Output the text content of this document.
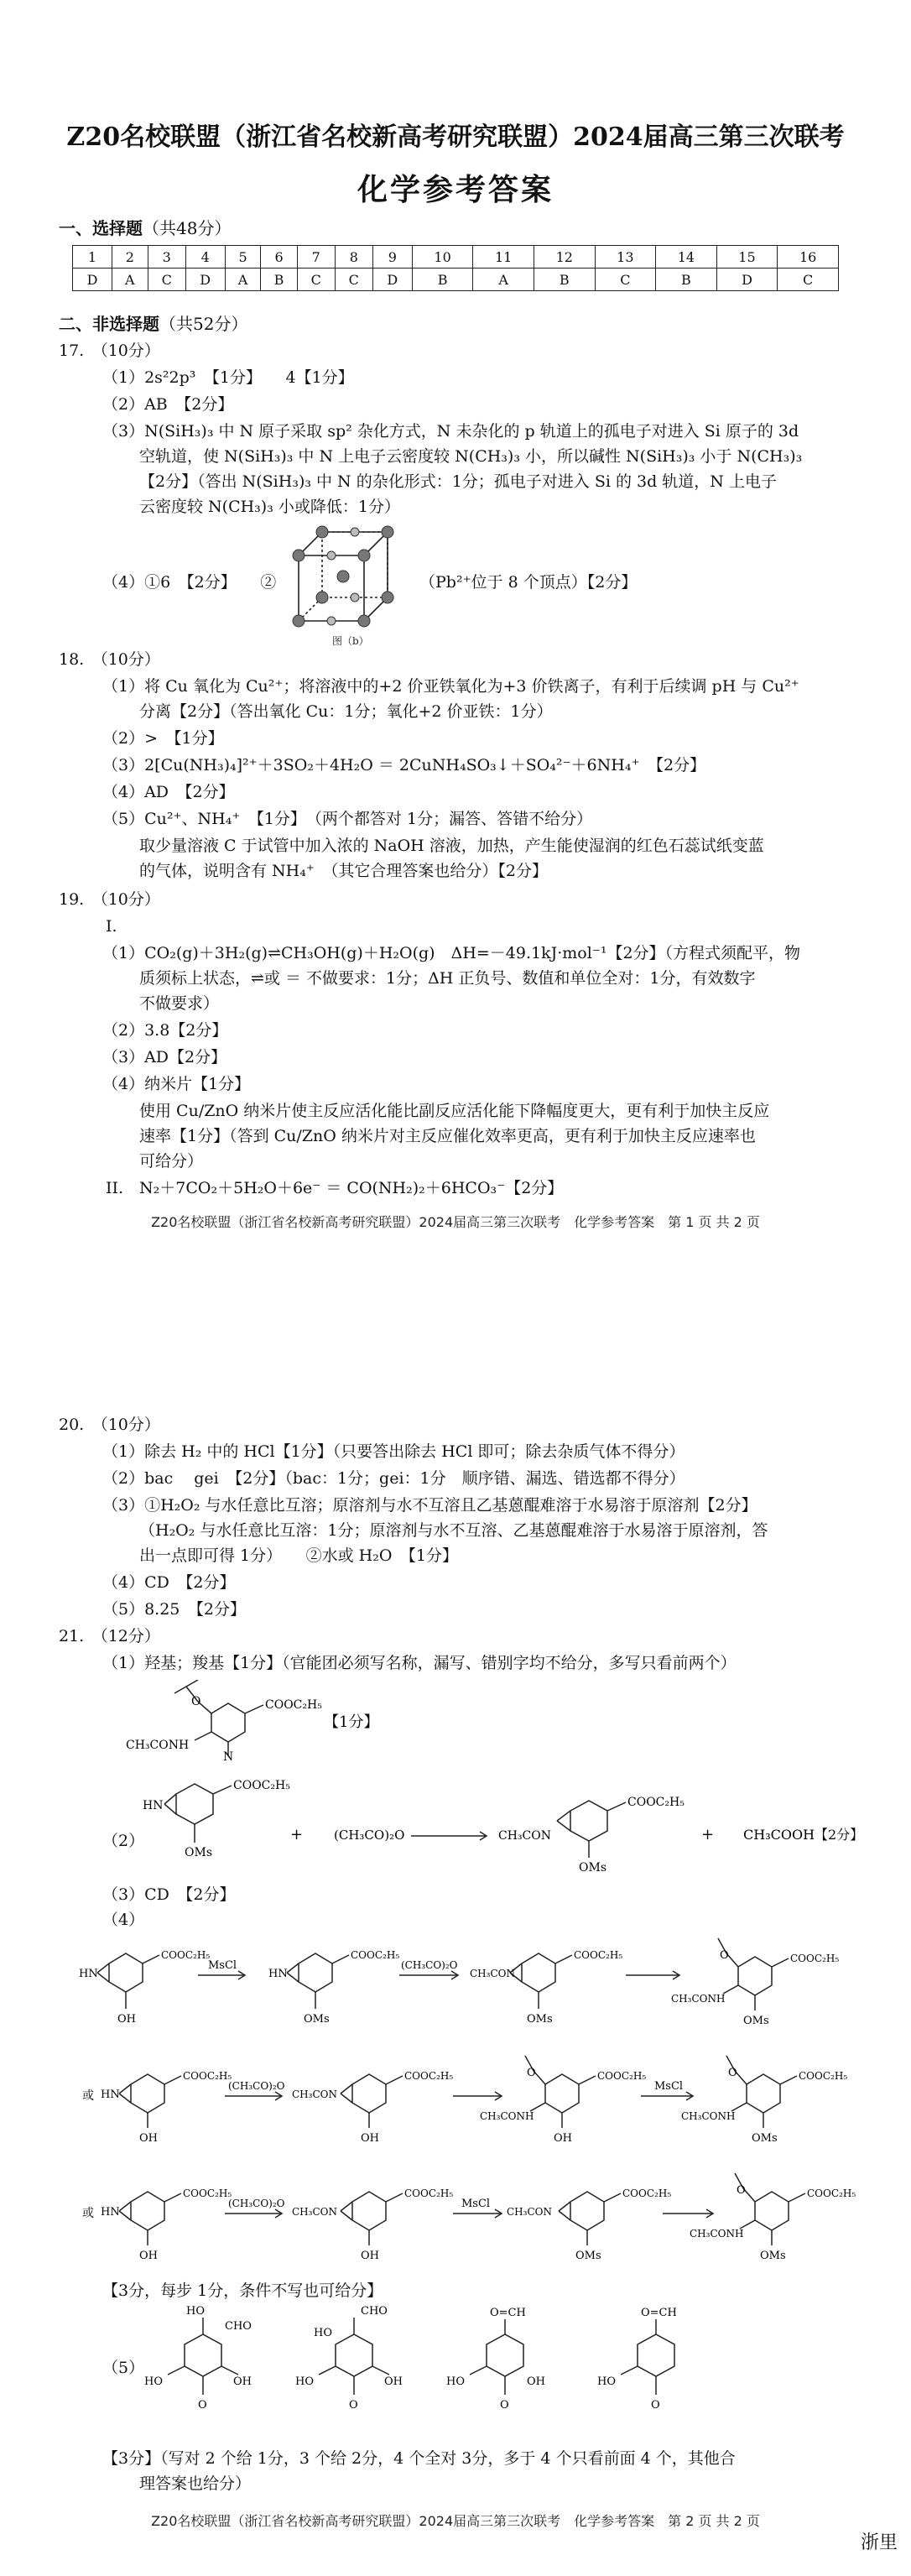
Z20名校联盟（浙江省名校新高考研究联盟）2024届高三第三次联考
化学参考答案
一、选择题（共48分）
1	2	3	4	5	6	7	8	9	10	11	12	13	14	15	16
D	A	C	D	A	B	C	C	D	B	A	B	C	B	D	C
二、非选择题（共52分）
17.　（10分）
（1）2s²2p³　【1分】　　4【1分】
（2）AB　【2分】
（3）N(SiH₃)₃ 中 N 原子采取 sp² 杂化方式，N 未杂化的 p 轨道上的孤电子对进入 Si 原子的 3d
空轨道，使 N(SiH₃)₃ 中 N 上电子云密度较 N(CH₃)₃ 小，所以碱性 N(SiH₃)₃ 小于 N(CH₃)₃
【2分】（答出 N(SiH₃)₃ 中 N 的杂化形式：1分；孤电子对进入 Si 的 3d 轨道，N 上电子
云密度较 N(CH₃)₃ 小或降低：1分）
（4）①6　【2分】　　②
图（b）
（Pb²⁺位于 8 个顶点）【2分】
18.　（10分）
（1）将 Cu 氧化为 Cu²⁺；将溶液中的+2 价亚铁氧化为+3 价铁离子，有利于后续调 pH 与 Cu²⁺
分离【2分】（答出氧化 Cu：1分；氧化+2 价亚铁：1分）
（2）>　【1分】
（3）2[Cu(NH₃)₄]²⁺＋3SO₂＋4H₂O ＝ 2CuNH₄SO₃↓＋SO₄²⁻＋6NH₄⁺　【2分】
（4）AD　【2分】
（5）Cu²⁺、NH₄⁺　【1分】　（两个都答对 1分；漏答、答错不给分）
取少量溶液 C 于试管中加入浓的 NaOH 溶液，加热，产生能使湿润的红色石蕊试纸变蓝
的气体，说明含有 NH₄⁺　（其它合理答案也给分）【2分】
19.　（10分）
I.
（1）CO₂(g)＋3H₂(g)⇌CH₃OH(g)＋H₂O(g)　ΔH=－49.1kJ·mol⁻¹【2分】（方程式须配平，物
质须标上状态，⇌或 ＝ 不做要求：1分；ΔH 正负号、数值和单位全对：1分，有效数字
不做要求）
（2）3.8【2分】
（3）AD【2分】
（4）纳米片【1分】
使用 Cu/ZnO 纳米片使主反应活化能比副反应活化能下降幅度更大，更有利于加快主反应
速率【1分】（答到 Cu/ZnO 纳米片对主反应催化效率更高，更有利于加快主反应速率也
可给分）
II.　N₂＋7CO₂＋5H₂O＋6e⁻ ＝ CO(NH₂)₂＋6HCO₃⁻【2分】
Z20名校联盟（浙江省名校新高考研究联盟）2024届高三第三次联考　化学参考答案　第 1 页 共 2 页
20.　（10分）
（1）除去 H₂ 中的 HCl【1分】（只要答出除去 HCl 即可；除去杂质气体不得分）
（2）bac　 gei　【2分】（bac：1分；gei：1分　顺序错、漏选、错选都不得分）
（3）①H₂O₂ 与水任意比互溶；原溶剂与水不互溶且乙基蒽醌难溶于水易溶于原溶剂【2分】
（H₂O₂ 与水任意比互溶：1分；原溶剂与水不互溶、乙基蒽醌难溶于水易溶于原溶剂，答
出一点即可得 1分）　　②水或 H₂O　【1分】
（4）CD　【2分】
（5）8.25　【2分】
21.　（12分）
（1）羟基；羧基【1分】（官能团必须写名称，漏写、错别字均不给分，多写只看前两个）
O	COOC₂H₅
CH₃CONH
N
【1分】
（2）
HN
COOC₂H₅
OMs
+ (CH₃CO)₂O	CH₃CON
COOC₂H₅
OMs
+ CH₃COOH【2分】
（3）CD　【2分】
（4）
HN
COOC₂H₅
OH
MsCl
HN
COOC₂H₅
OMs
(CH₃CO)₂O
CH₃CON
COOC₂H₅
OMs
O	COOC₂H₅
CH₃CONH
OMs
或 HN
COOC₂H₅
OH
(CH₃CO)₂O
CH₃CON
COOC₂H₅
OH
O	COOC₂H₅
CH₃CONH
OH
MsCl
O	COOC₂H₅
CH₃CONH
OMs
或 HN
COOC₂H₅
OH
(CH₃CO)₂O
CH₃CON
COOC₂H₅
OH
MsCl
CH₃CON
COOC₂H₅
OMs
O	COOC₂H₅
CH₃CONH
OMs
【3分，每步 1分，条件不写也可给分】
（5）
HO
CHO
HO	OH
O
HO
CHO
HO	OH
O
O=CH
HO	OH
O
O=CH
HO
O
【3分】（写对 2 个给 1分，3 个给 2分，4 个全对 3分，多于 4 个只看前面 4 个，其他合
理答案也给分）
Z20名校联盟（浙江省名校新高考研究联盟）2024届高三第三次联考　化学参考答案　第 2 页 共 2 页
浙里
